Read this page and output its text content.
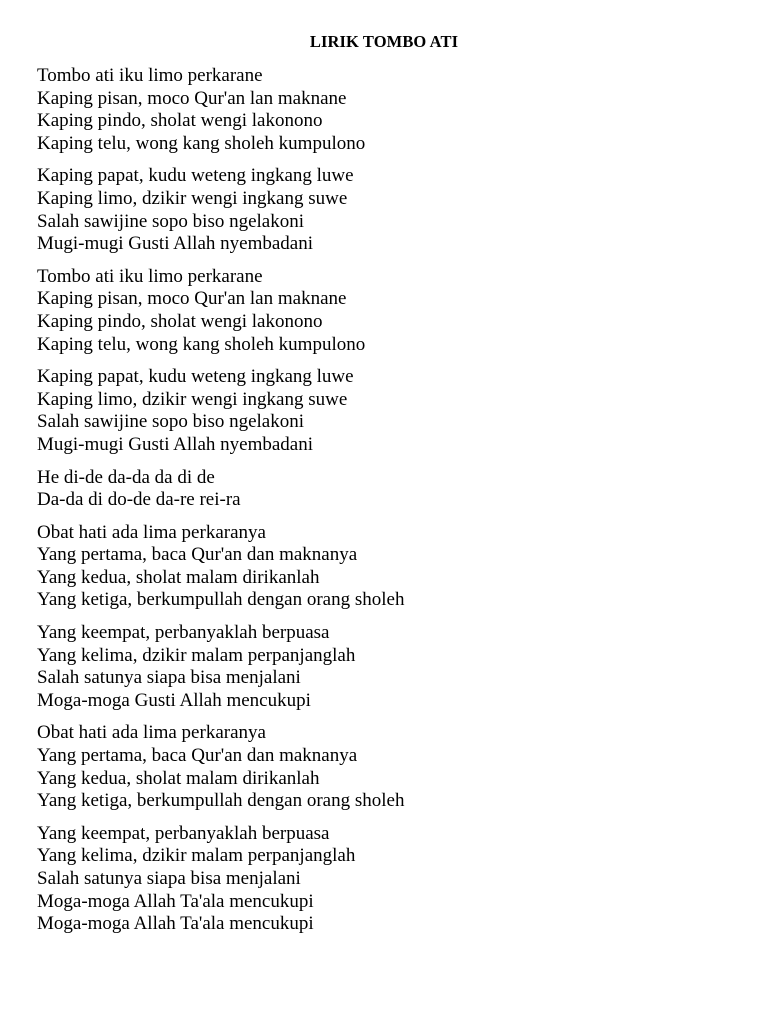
LIRIK TOMBO ATI
Tombo ati iku limo perkarane
Kaping pisan, moco Qur'an lan maknane
Kaping pindo, sholat wengi lakonono
Kaping telu, wong kang sholeh kumpulono
Kaping papat, kudu weteng ingkang luwe
Kaping limo, dzikir wengi ingkang suwe
Salah sawijine sopo biso ngelakoni
Mugi-mugi Gusti Allah nyembadani
Tombo ati iku limo perkarane
Kaping pisan, moco Qur'an lan maknane
Kaping pindo, sholat wengi lakonono
Kaping telu, wong kang sholeh kumpulono
Kaping papat, kudu weteng ingkang luwe
Kaping limo, dzikir wengi ingkang suwe
Salah sawijine sopo biso ngelakoni
Mugi-mugi Gusti Allah nyembadani
He di-de da-da da di de
Da-da di do-de da-re rei-ra
Obat hati ada lima perkaranya
Yang pertama, baca Qur'an dan maknanya
Yang kedua, sholat malam dirikanlah
Yang ketiga, berkumpullah dengan orang sholeh
Yang keempat, perbanyaklah berpuasa
Yang kelima, dzikir malam perpanjanglah
Salah satunya siapa bisa menjalani
Moga-moga Gusti Allah mencukupi
Obat hati ada lima perkaranya
Yang pertama, baca Qur'an dan maknanya
Yang kedua, sholat malam dirikanlah
Yang ketiga, berkumpullah dengan orang sholeh
Yang keempat, perbanyaklah berpuasa
Yang kelima, dzikir malam perpanjanglah
Salah satunya siapa bisa menjalani
Moga-moga Allah Ta'ala mencukupi
Moga-moga Allah Ta'ala mencukupi
